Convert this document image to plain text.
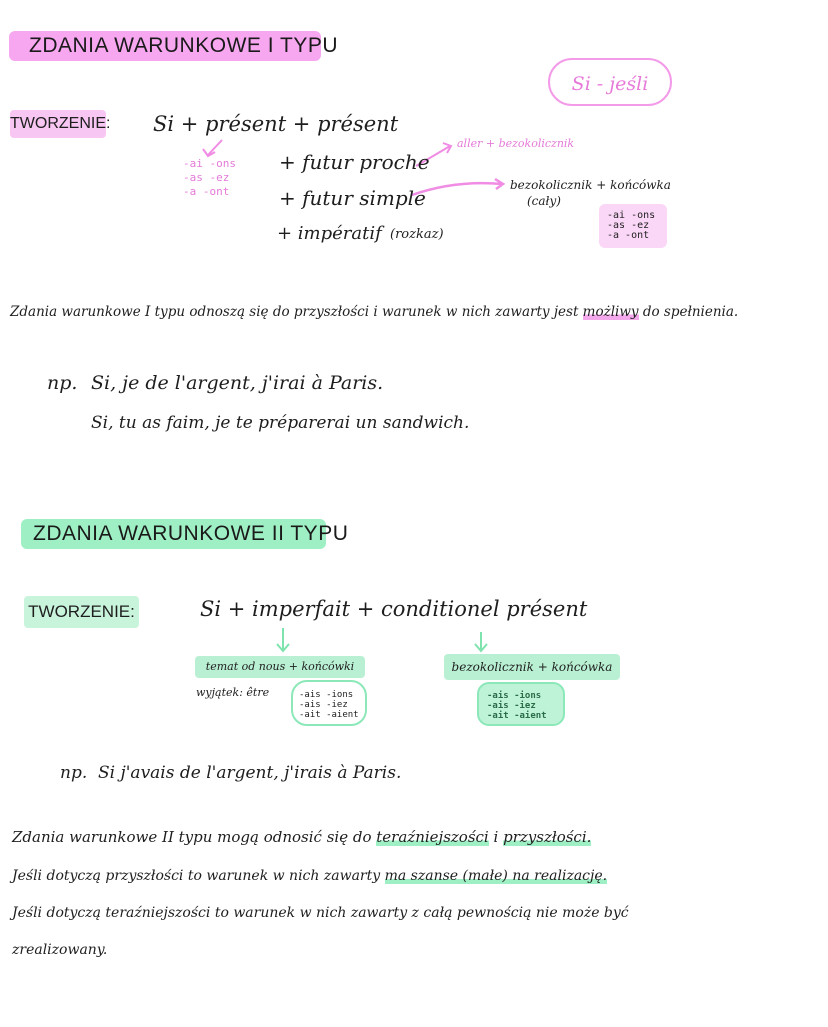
ZDANIA WARUNKOWE I TYPU
Si - jeśli
TWORZENIE: Si + présent + présent
-ai -ons
-as -ez
-a -ont
+ futur proche
+ futur simple
+ impératif (rozkaz)
aller + bezokolicznik
bezokolicznik + końcówka
(cały)
-ai -ons
-as -ez
-a -ont
Zdania warunkowe I typu odnoszą się do przyszłości i warunek w nich zawarty jest możliwy do spełnienia.
np. Si, je de l'argent, j'irai à Paris.
Si, tu as faim, je te préparerai un sandwich.
ZDANIA WARUNKOWE II TYPU
TWORZENIE:	Si + imperfait + conditionel présent
temat od nous + końcówki
wyjątek: être	-ais -ions
-ais -iez
-ait -aient
bezokolicznik + końcówka
-ais -ions
-ais -iez
-ait -aient
np. Si j'avais de l'argent, j'irais à Paris.
Zdania warunkowe II typu mogą odnosić się do teraźniejszości i przyszłości.
Jeśli dotyczą przyszłości to warunek w nich zawarty ma szanse (małe) na realizację.
Jeśli dotyczą teraźniejszości to warunek w nich zawarty z całą pewnością nie może być
zrealizowany.
